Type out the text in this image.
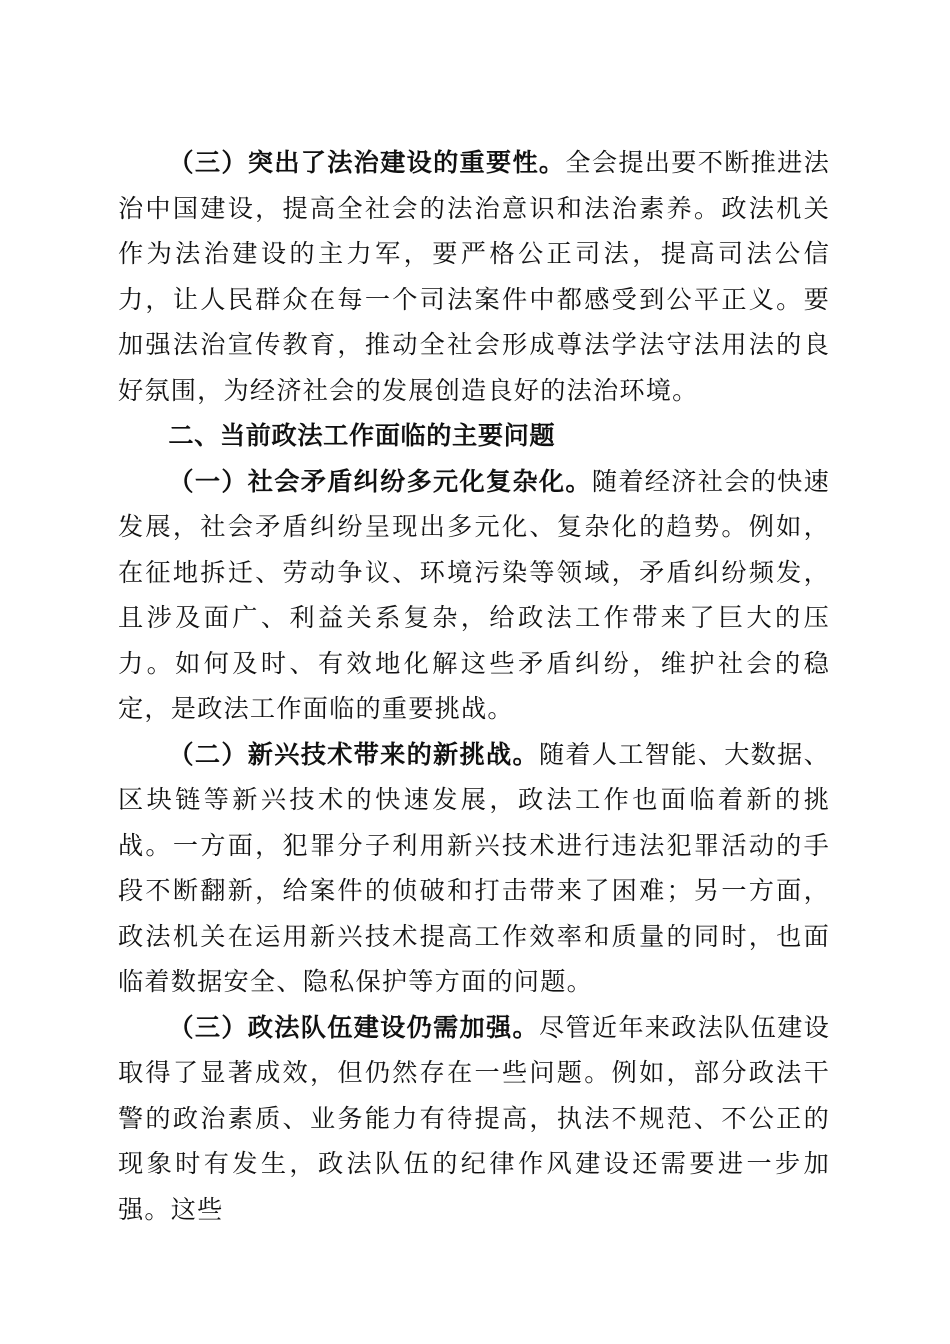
（三）突出了法治建设的重要性。全会提出要不断推进法治中国建设，提高全社会的法治意识和法治素养。政法机关作为法治建设的主力军，要严格公正司法，提高司法公信力，让人民群众在每一个司法案件中都感受到公平正义。要加强法治宣传教育，推动全社会形成尊法学法守法用法的良好氛围，为经济社会的发展创造良好的法治环境。

二、当前政法工作面临的主要问题

（一）社会矛盾纠纷多元化复杂化。随着经济社会的快速发展，社会矛盾纠纷呈现出多元化、复杂化的趋势。例如，在征地拆迁、劳动争议、环境污染等领域，矛盾纠纷频发，且涉及面广、利益关系复杂，给政法工作带来了巨大的压力。如何及时、有效地化解这些矛盾纠纷，维护社会的稳定，是政法工作面临的重要挑战。

（二）新兴技术带来的新挑战。随着人工智能、大数据、区块链等新兴技术的快速发展，政法工作也面临着新的挑战。一方面，犯罪分子利用新兴技术进行违法犯罪活动的手段不断翻新，给案件的侦破和打击带来了困难；另一方面，政法机关在运用新兴技术提高工作效率和质量的同时，也面临着数据安全、隐私保护等方面的问题。

（三）政法队伍建设仍需加强。尽管近年来政法队伍建设取得了显著成效，但仍然存在一些问题。例如，部分政法干警的政治素质、业务能力有待提高，执法不规范、不公正的现象时有发生，政法队伍的纪律作风建设还需要进一步加强。这些
